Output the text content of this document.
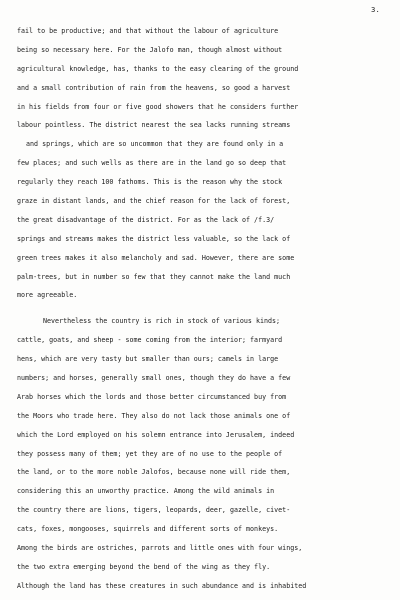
3.
fail to be productive; and that without the labour of agriculture
being so necessary here. For the Jalofo man, though almost without
agricultural knowledge, has, thanks to the easy clearing of the ground
and a small contribution of rain from the heavens, so good a harvest
in his fields from four or five good showers that he considers further
labour pointless. The district nearest the sea lacks running streams
and springs, which are so uncommon that they are found only in a
few places; and such wells as there are in the land go so deep that
regularly they reach 100 fathoms. This is the reason why the stock
graze in distant lands, and the chief reason for the lack of forest,
the great disadvantage of the district. For as the lack of /f.3/
springs and streams makes the district less valuable, so the lack of
green trees makes it also melancholy and sad. However, there are some
palm-trees, but in number so few that they cannot make the land much
more agreeable.
Nevertheless the country is rich in stock of various kinds;
cattle, goats, and sheep - some coming from the interior; farmyard
hens, which are very tasty but smaller than ours; camels in large
numbers; and horses, generally small ones, though they do have a few
Arab horses which the lords and those better circumstanced buy from
the Moors who trade here. They also do not lack those animals one of
which the Lord employed on his solemn entrance into Jerusalem, indeed
they possess many of them; yet they are of no use to the people of
the land, or to the more noble Jalofos, because none will ride them,
considering this an unworthy practice. Among the wild animals in
the country there are lions, tigers, leopards, deer, gazelle, civet-
cats, foxes, mongooses, squirrels and different sorts of monkeys.
Among the birds are ostriches, parrots and little ones with four wings,
the two extra emerging beyond the bend of the wing as they fly.
Although the land has these creatures in such abundance and is inhabited
